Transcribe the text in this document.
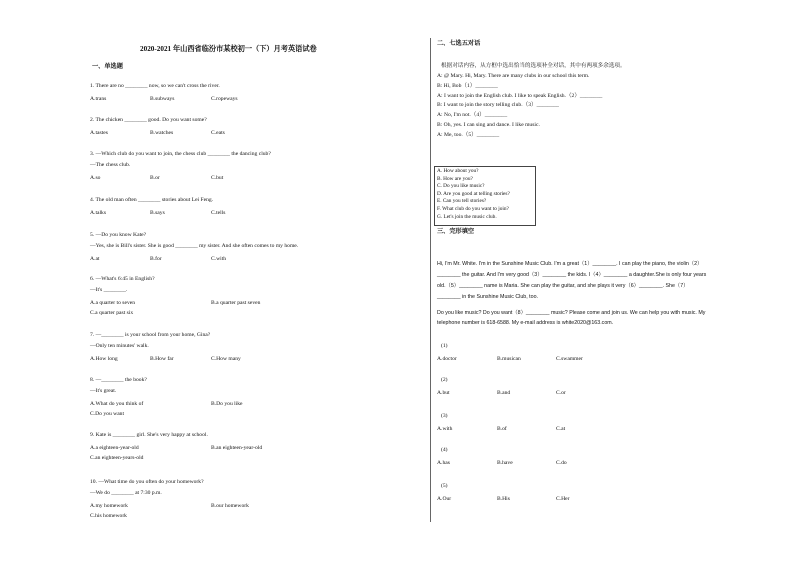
2020-2021 年山西省临汾市某校初一（下）月考英语试卷
一、单选题
1. There are no ________ now, so we can't cross the river.
A.trans	B.subways	C.ropeways
2. The chicken ________ good. Do you want some?
A.tastes	B.watches	C.eats
3. —Which club do you want to join, the chess club ________ the dancing club?
—The chess club.
A.so	B.or	C.but
4. The old man often ________ stories about Lei Feng.
A.talks	B.says	C.tells
5. —Do you know Kate?
—Yes, she is Bill's sister. She is good ________ my sister. And she often comes to my home.
A.at	B.for	C.with
6. —What's 6:45 in English?
—It's ________.
A.a quarter to seven	B.a quarter past seven
C.a quarter past six
7. —________ is your school from your home, Gina?
—Only ten minutes' walk.
A.How long	B.How far	C.How many
8. —________ the book?
—It's great.
A.What do you think of	B.Do you like
C.Do you want
9. Kate is ________ girl. She's very happy at school.
A.a eighteen-year-old	B.an eighteen-year-old
C.an eighteen-years-old
10. —What time do you often do your homework?
—We do ________ at 7:30 p.m.
A.my homework	B.our homework
C.his homework
二、七选五对话
根据对话内容，从方框中选出恰当的选项补全对话，其中有两项多余选项。
A: @ Mary. Hi, Mary. There are many clubs in our school this term.
B: Hi, Bob（1）________
A: I want to join the English club. I like to speak English.（2）________
B: I want to join the story telling club.（3）________
A: No, I'm not.（4）________
B: Oh, yes. I can sing and dance. I like music.
A: Me, too.（5）________
A. How about you?
B. How are you?
C. Do you like music?
D. Are you good at telling stories?
E. Can you tell stories?
F. What club do you want to join?
G. Let's join the music club.
三、完形填空
Hi, I'm Mr. White. I'm in the Sunshine Music Club. I'm a great（1）________. I can play the piano, the violin（2）
________ the guitar. And I'm very good（3）________ the kids. I（4）________ a daughter.She is only four years
old.（5）________ name is Maria. She can play the guitar, and she plays it very（6）________. She（7）
________ in the Sunshine Music Club, too.
Do you like music? Do you want（8）________ music? Please come and join us. We can help you with music. My
telephone number is 618-6588. My e-mail address is white2020@163.com.
(1)
A.doctor	B.musican	C.swammer
(2)
A.but	B.and	C.or
(3)
A.with	B.of	C.at
(4)
A.has	B.have	C.do
(5)
A.Our	B.His	C.Her
